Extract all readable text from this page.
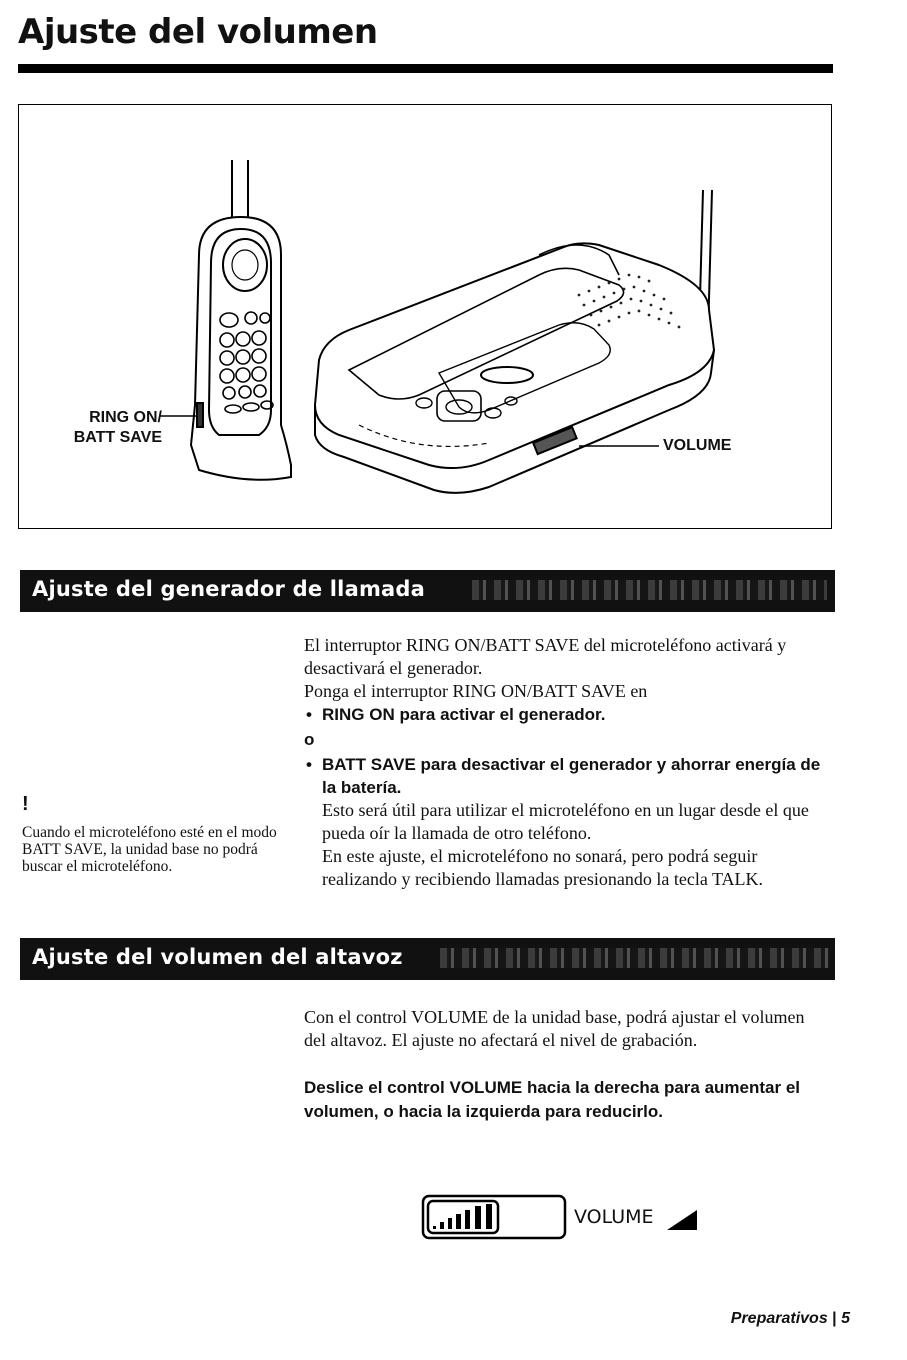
Ajuste del volumen
RING ON/
BATT SAVE	VOLUME
Ajuste del generador de llamada

El interruptor RING ON/BATT SAVE del microteléfono activará y desactivará el generador.

Ponga el interruptor RING ON/BATT SAVE en

• RING ON para activar el generador.

o

• BATT SAVE para desactivar el generador y ahorrar energía de la batería.

Esto será útil para utilizar el microteléfono en un lugar desde el que pueda oír la llamada de otro teléfono.

En este ajuste, el microteléfono no sonará, pero podrá seguir realizando y recibiendo llamadas presionando la tecla TALK.

!
Cuando el microteléfono esté en el modo BATT SAVE, la unidad base no podrá buscar el microteléfono.
Ajuste del volumen del altavoz

Con el control VOLUME de la unidad base, podrá ajustar el volumen del altavoz. El ajuste no afectará el nivel de grabación.

Deslice el control VOLUME hacia la derecha para aumentar el volumen, o hacia la izquierda para reducirlo.

VOLUME
Preparativos | 5
